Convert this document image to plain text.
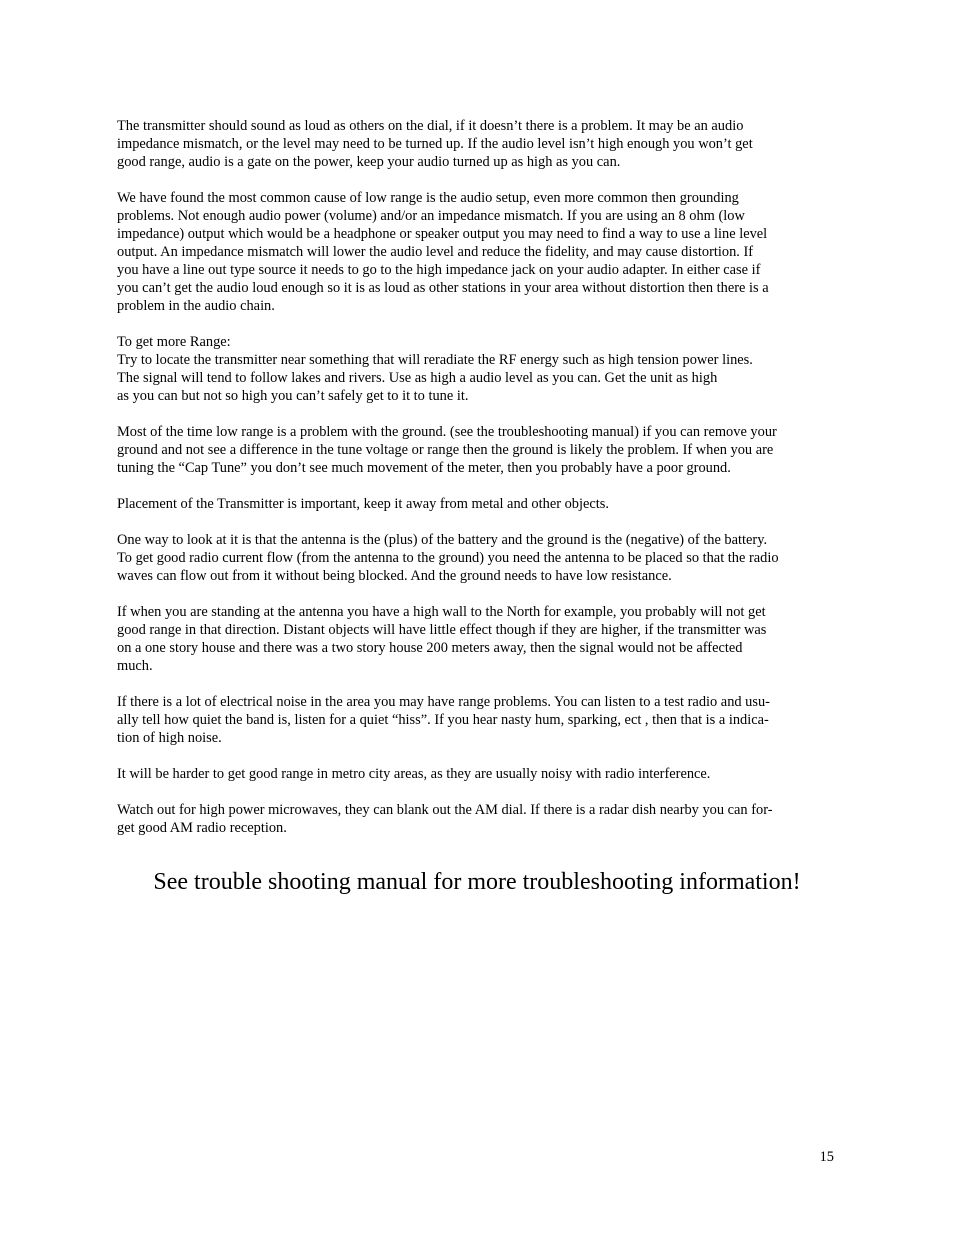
The transmitter should sound as loud as others on the dial, if it doesn’t there is a problem. It may be an audio
impedance mismatch, or the level may need to be turned up. If the audio level isn’t high enough you won’t get
good range, audio is a gate on the power, keep your audio turned up as high as you can.

We have found the most common cause of low range is the audio setup, even more common then grounding
problems. Not enough audio power (volume) and/or an impedance mismatch. If you are using an 8 ohm (low
impedance) output which would be a headphone or speaker output you may need to find a way to use a line level
output. An impedance mismatch will lower the audio level and reduce the fidelity, and may cause distortion. If
you have a line out type source it needs to go to the high impedance jack on your audio adapter. In either case if
you can’t get the audio loud enough so it is as loud as other stations in your area without distortion then there is a
problem in the audio chain.

To get more Range:
Try to locate the transmitter near something that will reradiate the RF energy such as high tension power lines.
The signal will tend to follow lakes and rivers. Use as high a audio level as you can. Get the unit as high
as you can but not so high you can’t safely get to it to tune it.

Most of the time low range is a problem with the ground. (see the troubleshooting manual) if you can remove your
ground and not see a difference in the tune voltage or range then the ground is likely the problem. If when you are
tuning the “Cap Tune” you don’t see much movement of the meter, then you probably have a poor ground.

Placement of the Transmitter is important, keep it away from metal and other objects.

One way to look at it is that the antenna is the (plus) of the battery and the ground is the (negative) of the battery.
To get good radio current flow (from the antenna to the ground) you need the antenna to be placed so that the radio
waves can flow out from it without being blocked. And the ground needs to have low resistance.

If when you are standing at the antenna you have a high wall to the North for example, you probably will not get
good range in that direction. Distant objects will have little effect though if they are higher, if the transmitter was
on a one story house and there was a two story house 200 meters away, then the signal would not be affected
much.

If there is a lot of electrical noise in the area you may have range problems. You can listen to a test radio and usu-
ally tell how quiet the band is, listen for a quiet “hiss”. If you hear nasty hum, sparking, ect , then that is a indica-
tion of high noise.

It will be harder to get good range in metro city areas, as they are usually noisy with radio interference.

Watch out for high power microwaves, they can blank out the AM dial. If there is a radar dish nearby you can for-
get good AM radio reception.

See trouble shooting manual for more troubleshooting information!
15
